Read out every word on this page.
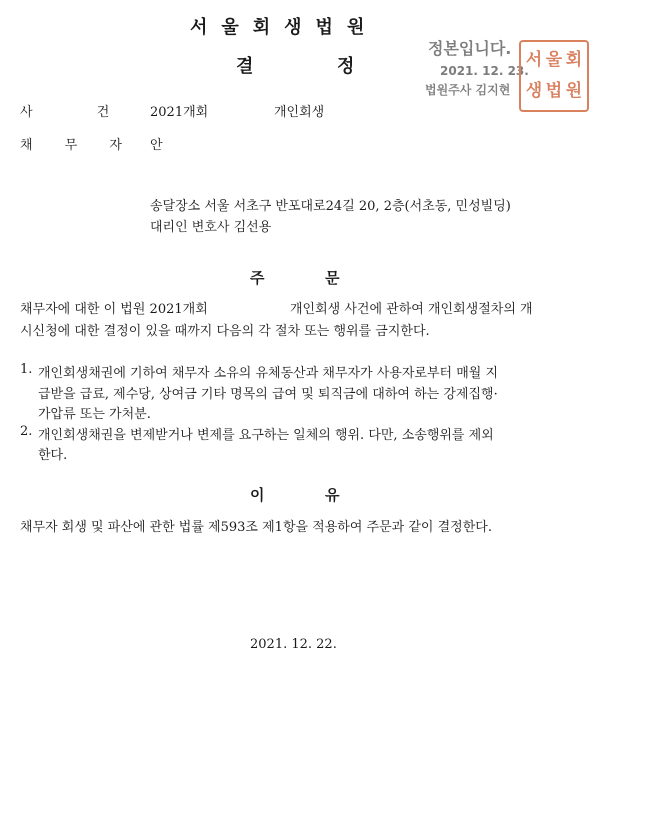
서울회생법원
결	정
정본입니다.
2021. 12. 23.
법원주사 김지현
서 울 회
생 법 원
사 건 2021개회	개인회생
채 무 자 안
송달장소 서울 서초구 반포대로24길 20, 2층(서초동, 민성빌딩)
대리인 변호사 김선용
주	문
채무자에 대한 이 법원 2021개회	개인회생 사건에 관하여 개인회생절차의 개
시신청에 대한 결정이 있을 때까지 다음의 각 절차 또는 행위를 금지한다.
1. 개인회생채권에 기하여 채무자 소유의 유체동산과 채무자가 사용자로부터 매월 지
급받을 급료, 제수당, 상여금 기타 명목의 급여 및 퇴직금에 대하여 하는 강제집행·
가압류 또는 가처분.
2. 개인회생채권을 변제받거나 변제를 요구하는 일체의 행위. 다만, 소송행위를 제외
한다.
이	유
채무자 회생 및 파산에 관한 법률 제593조 제1항을 적용하여 주문과 같이 결정한다.
2021. 12. 22.
